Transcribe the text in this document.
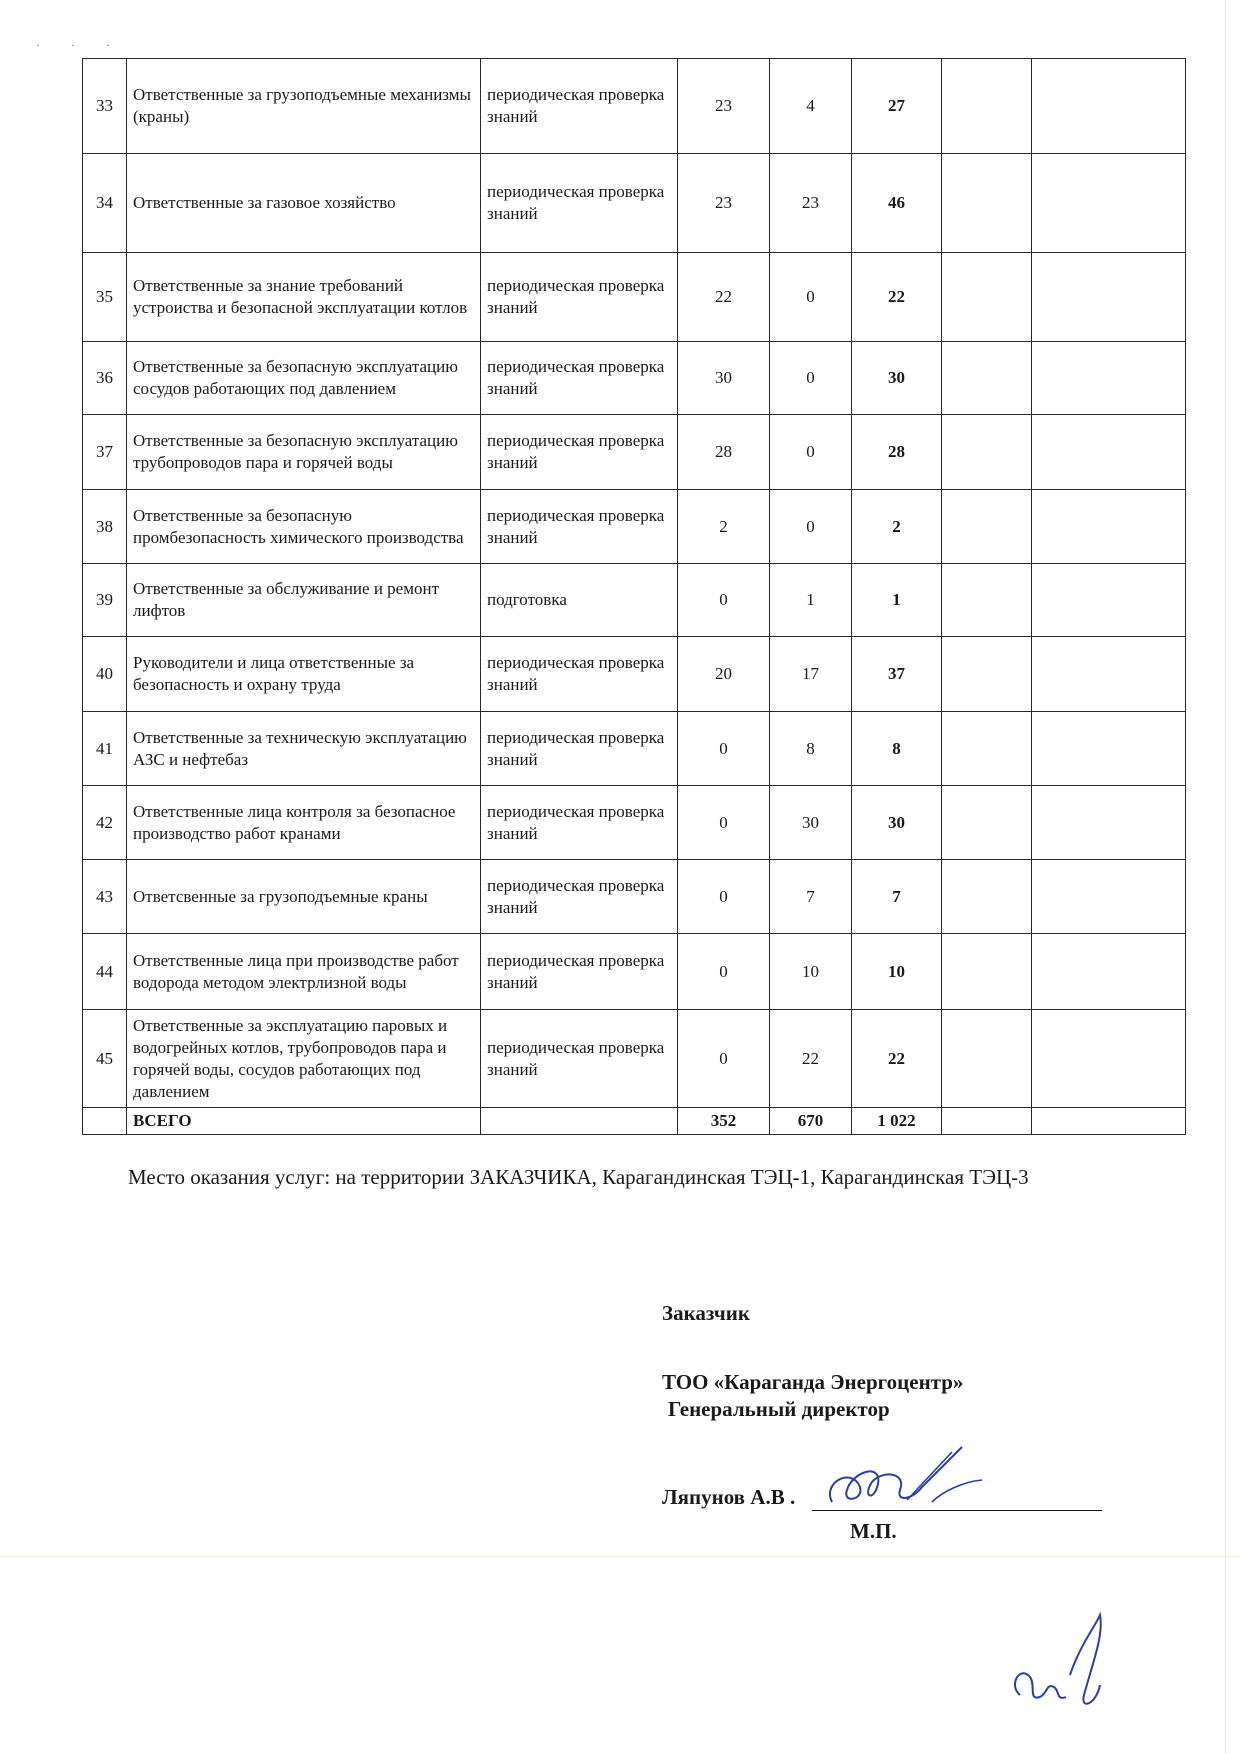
· · ·
33	Ответственные за грузоподъемные механизмы (краны)	периодическая проверка знаний	23	4	27		
34	Ответственные за газовое хозяйство	периодическая проверка знаний	23	23	46		
35	Ответственные за знание требований устроиства и безопасной эксплуатации котлов	периодическая проверка знаний	22	0	22		
36	Ответственные за безопасную эксплуатацию сосудов работающих под давлением	периодическая проверка знаний	30	0	30		
37	Ответственные за безопасную эксплуатацию трубопроводов пара и горячей воды	периодическая проверка знаний	28	0	28		
38	Ответственные за безопасную промбезопасность химического производства	периодическая проверка знаний	2	0	2		
39	Ответственные за обслуживание и ремонт лифтов	подготовка	0	1	1		
40	Руководители и лица ответственные за безопасность и охрану труда	периодическая проверка знаний	20	17	37		
41	Ответственные за техническую эксплуатацию АЗС и нефтебаз	периодическая проверка знаний	0	8	8		
42	Ответственные лица контроля за безопасное производство работ кранами	периодическая проверка знаний	0	30	30		
43	Ответсвенные за грузоподъемные краны	периодическая проверка знаний	0	7	7		
44	Ответственные лица при производстве работ водорода методом электрлизной воды	периодическая проверка знаний	0	10	10		
45	Ответственные за эксплуатацию паровых и водогрейных котлов, трубопроводов пара и горячей воды, сосудов работающих под давлением	периодическая проверка знаний	0	22	22		
	ВСЕГО		352	670	1 022		
Место оказания услуг: на территории ЗАКАЗЧИКА, Карагандинская ТЭЦ-1, Карагандинская ТЭЦ-3
Заказчик
ТОО «Караганда Энергоцентр»
Генеральный директор
Ляпунов А.В .
М.П.
